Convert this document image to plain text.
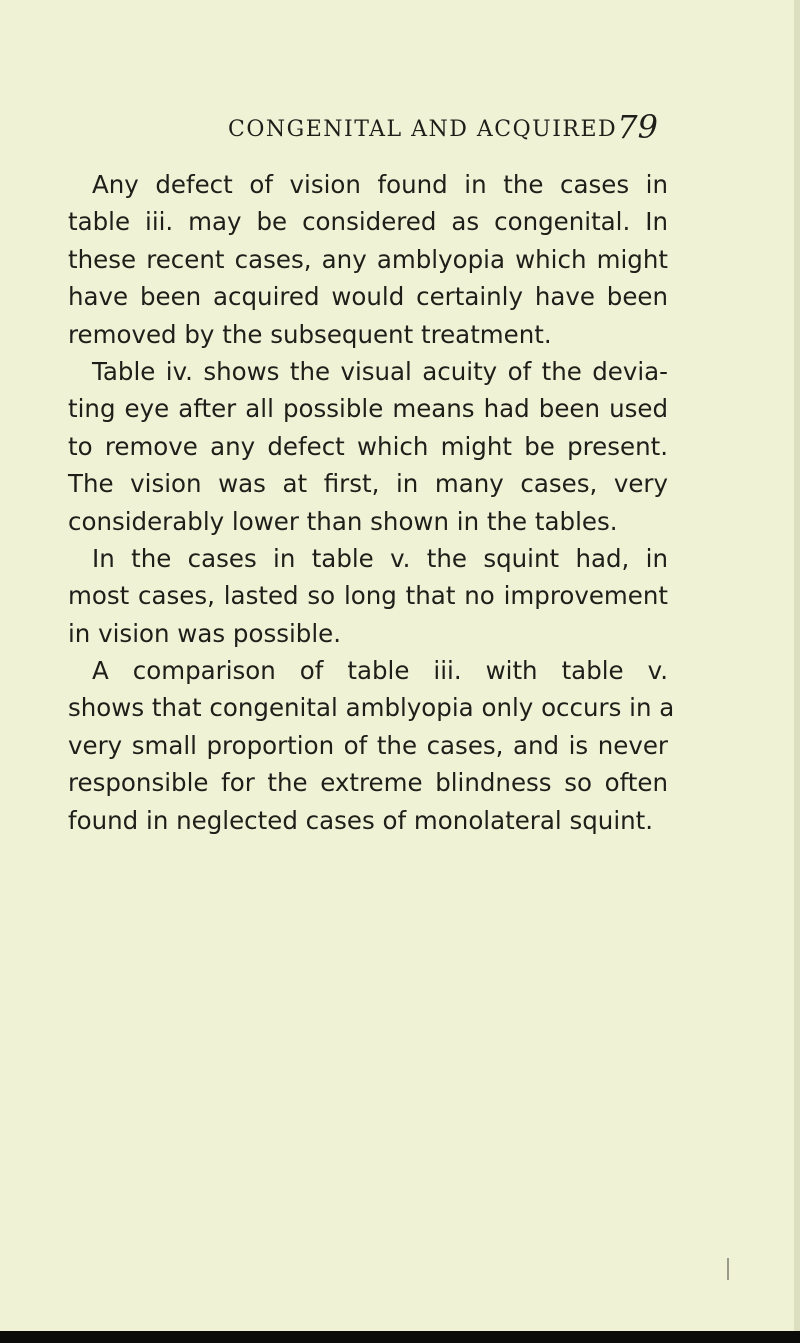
CONGENITAL AND ACQUIRED 79

Any defect of vision found in the cases in
table iii. may be considered as congenital. In
these recent cases, any amblyopia which might
have been acquired would certainly have been
removed by the subsequent treatment.

Table iv. shows the visual acuity of the devia-
ting eye after all possible means had been used
to remove any defect which might be present.
The vision was at first, in many cases, very
considerably lower than shown in the tables.

In the cases in table v. the squint had, in
most cases, lasted so long that no improvement
in vision was possible.

A comparison of table iii. with table v.
shows that congenital amblyopia only occurs in a
very small proportion of the cases, and is never
responsible for the extreme blindness so often
found in neglected cases of monolateral squint.
